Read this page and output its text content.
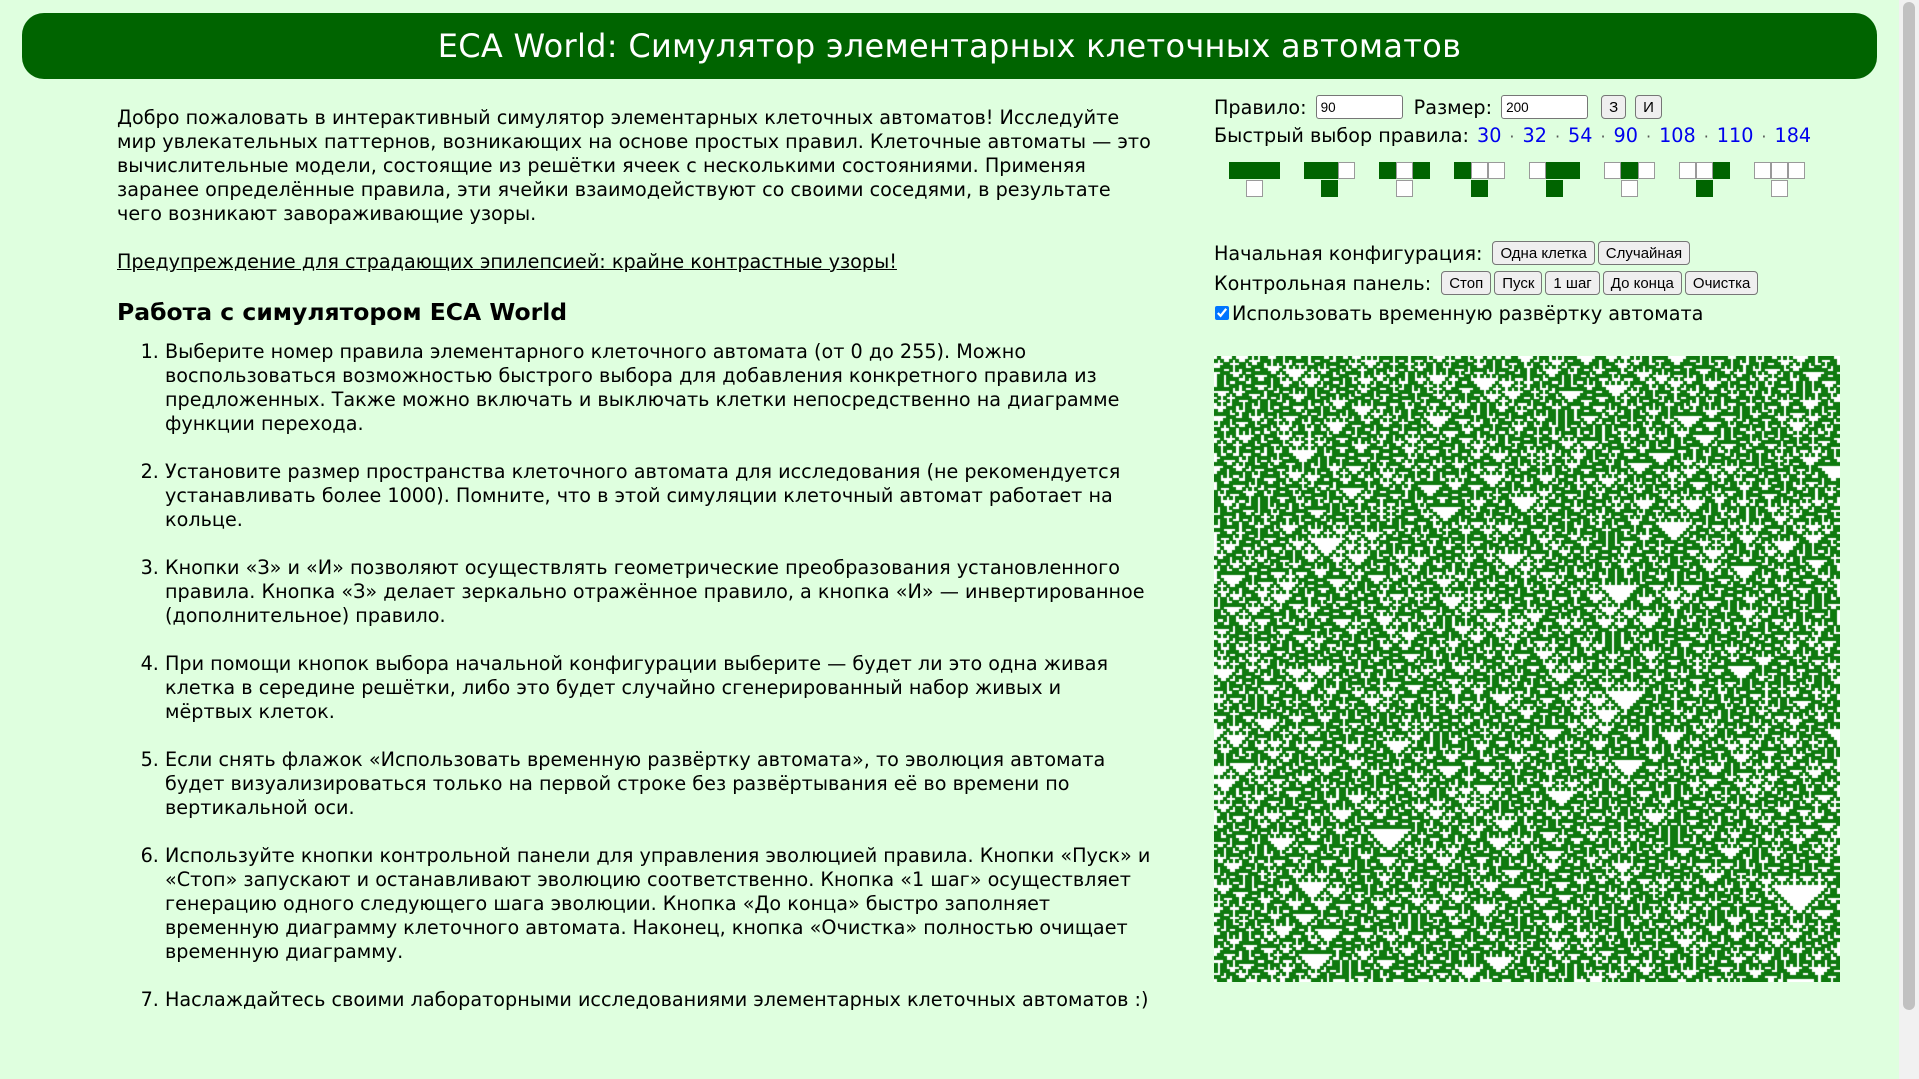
ECA World: Симулятор элементарных клеточных автоматов

Добро пожаловать в интерактивный симулятор элементарных клеточных автоматов! Исследуйте мир увлекательных паттернов, возникающих на основе простых правил. Клеточные автоматы — это вычислительные модели, состоящие из решётки ячеек с несколькими состояниями. Применяя заранее определённые правила, эти ячейки взаимодействуют со своими соседями, в результате чего возникают завораживающие узоры.

Предупреждение для страдающих эпилепсией: крайне контрастные узоры!

Работа с симулятором ECA World
1. Выберите номер правила элементарного клеточного автомата (от 0 до 255). Можно воспользоваться возможностью быстрого выбора для добавления конкретного правила из предложенных. Также можно включать и выключать клетки непосредственно на диаграмме функции перехода.
2. Установите размер пространства клеточного автомата для исследования (не рекомендуется устанавливать более 1000). Помните, что в этой симуляции клеточный автомат работает на кольце.
3. Кнопки «З» и «И» позволяют осуществлять геометрические преобразования установленного правила. Кнопка «З» делает зеркально отражённое правило, а кнопка «И» — инвертированное (дополнительное) правило.
4. При помощи кнопок выбора начальной конфигурации выберите — будет ли это одна живая клетка в середине решётки, либо это будет случайно сгенерированный набор живых и мёртвых клеток.
5. Если снять флажок «Использовать временную развёртку автомата», то эволюция автомата будет визуализироваться только на первой строке без развёртывания её во времени по вертикальной оси.
6. Используйте кнопки контрольной панели для управления эволюцией правила. Кнопки «Пуск» и «Стоп» запускают и останавливают эволюцию соответственно. Кнопка «1 шаг» осуществляет генерацию одного следующего шага эволюции. Кнопка «До конца» быстро заполняет временную диаграмму клеточного автомата. Наконец, кнопка «Очистка» полностью очищает временную диаграмму.
7. Наслаждайтесь своими лабораторными исследованиями элементарных клеточных автоматов :)
Правило:	90	Размер:	200	З	И
Быстрый выбор правила: 30 · 32 · 54 · 90 · 108 · 110 · 184
Начальная конфигурация:	Одна клетка	Случайная
Контрольная панель:	Стоп	Пуск	1 шаг	До конца	Очистка
Использовать временную развёртку автомата
